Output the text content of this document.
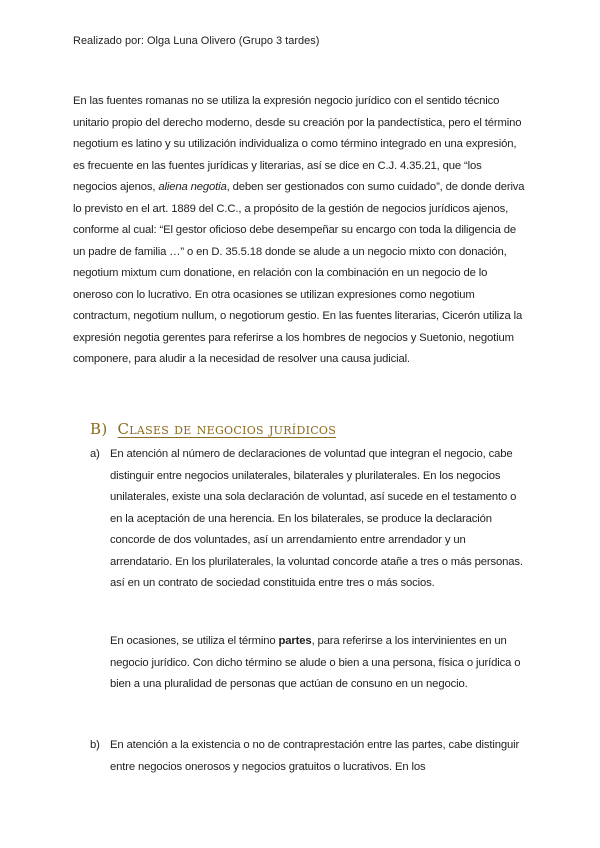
Realizado por: Olga Luna Olivero (Grupo 3 tardes)

En las fuentes romanas no se utiliza la expresión negocio jurídico con el sentido técnico unitario propio del derecho moderno, desde su creación por la pandectística, pero el término negotium es latino y su utilización individualiza o como término integrado en una expresión, es frecuente en las fuentes jurídicas y literarias, así se dice en C.J. 4.35.21, que “los negocios ajenos, aliena negotia, deben ser gestionados con sumo cuidado”, de donde deriva lo previsto en el art. 1889 del C.C., a propósito de la gestión de negocios jurídicos ajenos, conforme al cual: “El gestor oficioso debe desempeñar su encargo con toda la diligencia de un padre de familia …” o en D. 35.5.18 donde se alude a un negocio mixto con donación, negotium mixtum cum donatione, en relación con la combinación en un negocio de lo oneroso con lo lucrativo. En otra ocasiones se utilizan expresiones como negotium contractum, negotium nullum, o negotiorum gestio. En las fuentes literarias, Cicerón utiliza la expresión negotia gerentes para referirse a los hombres de negocios y Suetonio, negotium componere, para aludir a la necesidad de resolver una causa judicial.

B) Clases de negocios jurídicos
a) En atención al número de declaraciones de voluntad que integran el negocio, cabe distinguir entre negocios unilaterales, bilaterales y plurilaterales. En los negocios unilaterales, existe una sola declaración de voluntad, así sucede en el testamento o en la aceptación de una herencia. En los bilaterales, se produce la declaración concorde de dos voluntades, así un arrendamiento entre arrendador y un arrendatario. En los plurilaterales, la voluntad concorde atañe a tres o más personas. así en un contrato de sociedad constituida entre tres o más socios.

En ocasiones, se utiliza el término partes, para referirse a los intervinientes en un negocio jurídico. Con dicho término se alude o bien a una persona, física o jurídica o bien a una pluralidad de personas que actúan de consuno en un negocio.

b) En atención a la existencia o no de contraprestación entre las partes, cabe distinguir entre negocios onerosos y negocios gratuitos o lucrativos. En los
